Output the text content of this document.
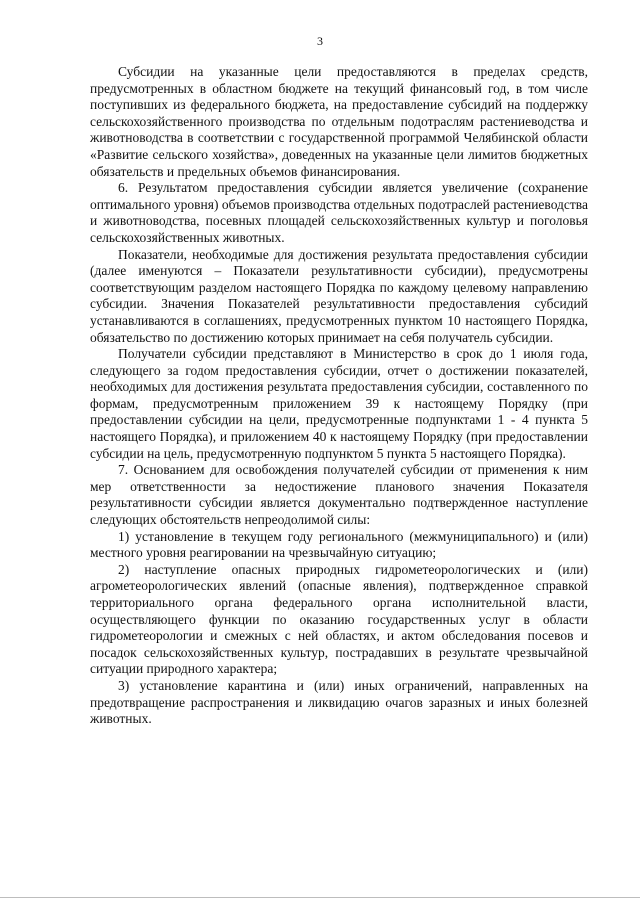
3

Субсидии на указанные цели предоставляются в пределах средств, предусмотренных в областном бюджете на текущий финансовый год, в том числе поступивших из федерального бюджета, на предоставление субсидий на поддержку сельскохозяйственного производства по отдельным подотраслям растениеводства и животноводства в соответствии с государственной программой Челябинской области «Развитие сельского хозяйства», доведенных на указанные цели лимитов бюджетных обязательств и предельных объемов финансирования.

6. Результатом предоставления субсидии является увеличение (сохранение оптимального уровня) объемов производства отдельных подотраслей растениеводства и животноводства, посевных площадей сельскохозяйственных культур и поголовья сельскохозяйственных животных.

Показатели, необходимые для достижения результата предоставления субсидии (далее именуются – Показатели результативности субсидии), предусмотрены соответствующим разделом настоящего Порядка по каждому целевому направлению субсидии. Значения Показателей результативности предоставления субсидий устанавливаются в соглашениях, предусмотренных пунктом 10 настоящего Порядка, обязательство по достижению которых принимает на себя получатель субсидии.

Получатели субсидии представляют в Министерство в срок до 1 июля года, следующего за годом предоставления субсидии, отчет о достижении показателей, необходимых для достижения результата предоставления субсидии, составленного по формам, предусмотренным приложением 39 к настоящему Порядку (при предоставлении субсидии на цели, предусмотренные подпунктами 1 - 4 пункта 5 настоящего Порядка), и приложением 40 к настоящему Порядку (при предоставлении субсидии на цель, предусмотренную подпунктом 5 пункта 5 настоящего Порядка).

7. Основанием для освобождения получателей субсидии от применения к ним мер ответственности за недостижение планового значения Показателя результативности субсидии является документально подтвержденное наступление следующих обстоятельств непреодолимой силы:

1) установление в текущем году регионального (межмуниципального) и (или) местного уровня реагировании на чрезвычайную ситуацию;

2) наступление опасных природных гидрометеорологических и (или) агрометеорологических явлений (опасные явления), подтвержденное справкой территориального органа федерального органа исполнительной власти, осуществляющего функции по оказанию государственных услуг в области гидрометеорологии и смежных с ней областях, и актом обследования посевов и посадок сельскохозяйственных культур, пострадавших в результате чрезвычайной ситуации природного характера;

3) установление карантина и (или) иных ограничений, направленных на предотвращение распространения и ликвидацию очагов заразных и иных болезней животных.
